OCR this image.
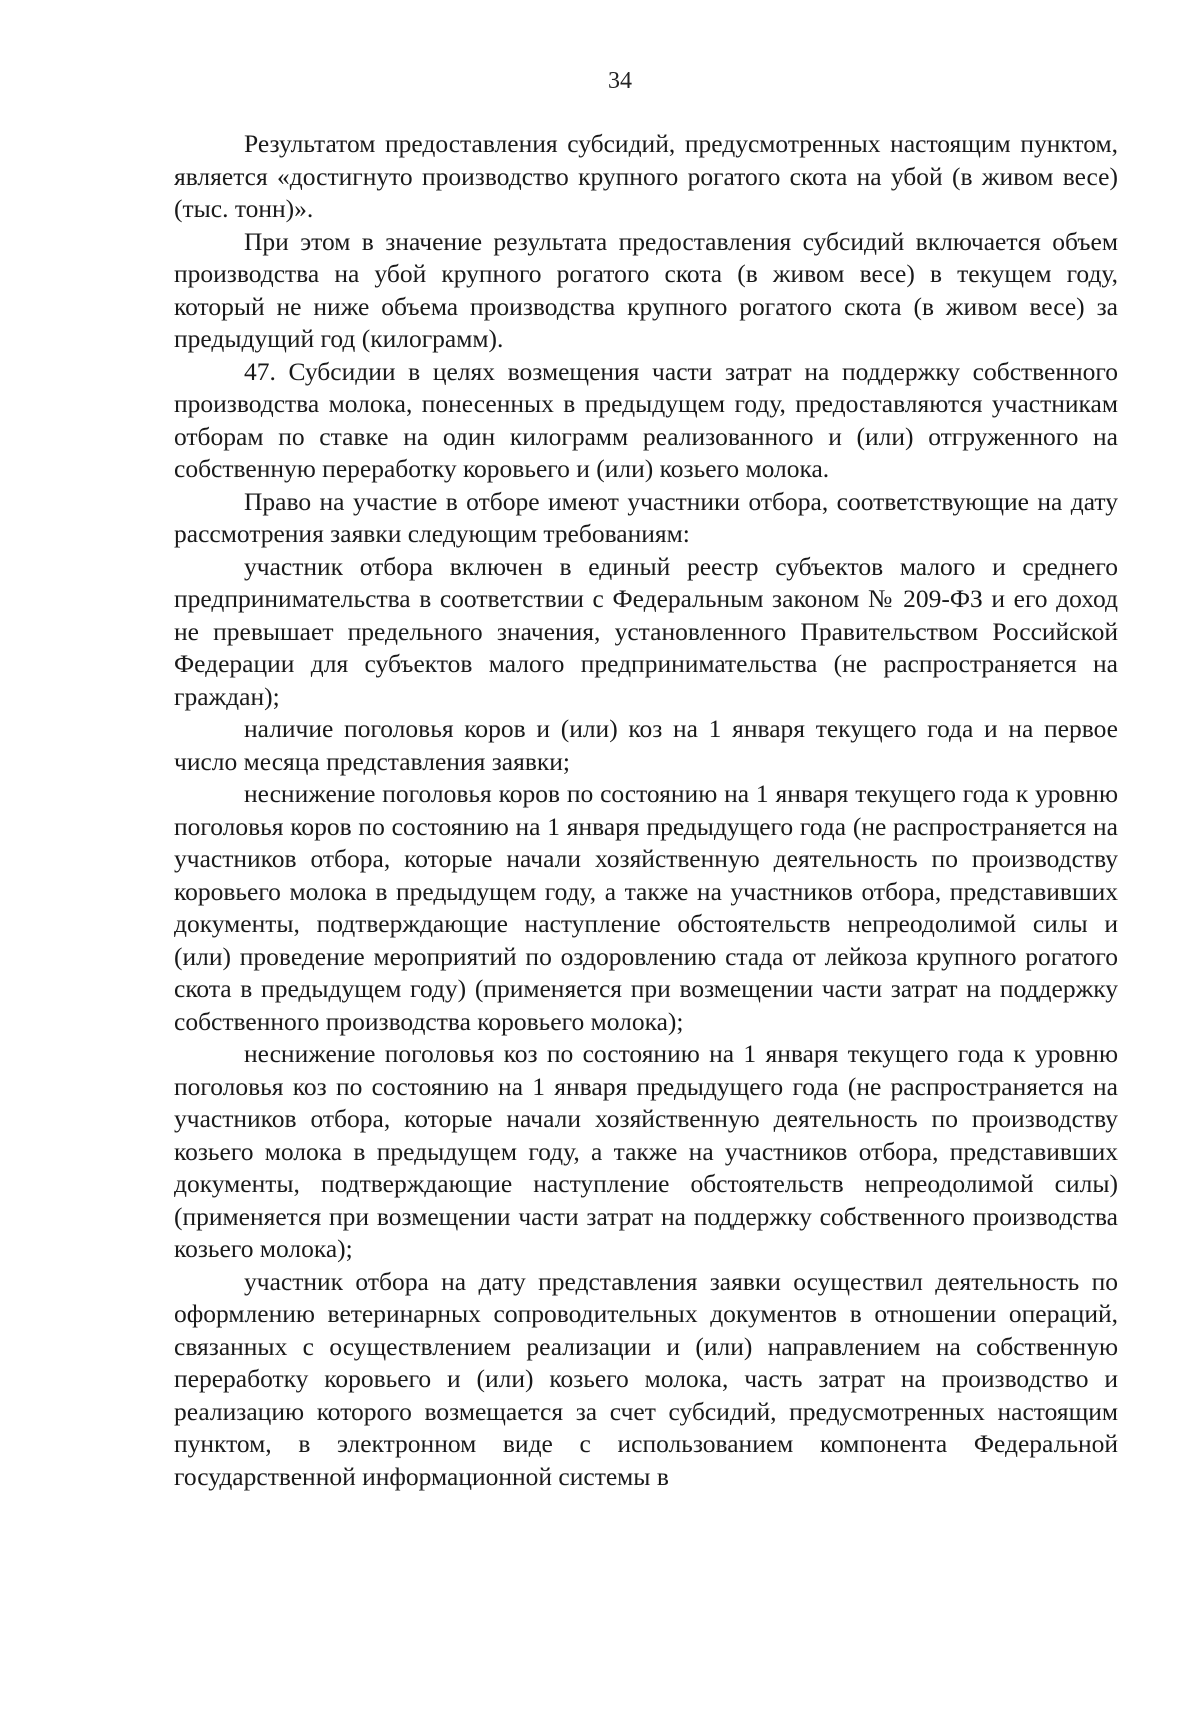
34

Результатом предоставления субсидий, предусмотренных настоящим пунктом, является «достигнуто производство крупного рогатого скота на убой (в живом весе) (тыс. тонн)».

При этом в значение результата предоставления субсидий включается объем производства на убой крупного рогатого скота (в живом весе) в текущем году, который не ниже объема производства крупного рогатого скота (в живом весе) за предыдущий год (килограмм).

47. Субсидии в целях возмещения части затрат на поддержку собственного производства молока, понесенных в предыдущем году, предоставляются участникам отборам по ставке на один килограмм реализованного и (или) отгруженного на собственную переработку коровьего и (или) козьего молока.

Право на участие в отборе имеют участники отбора, соответствующие на дату рассмотрения заявки следующим требованиям:

участник отбора включен в единый реестр субъектов малого и среднего предпринимательства в соответствии с Федеральным законом № 209-ФЗ и его доход не превышает предельного значения, установленного Правительством Российской Федерации для субъектов малого предпринимательства (не распространяется на граждан);

наличие поголовья коров и (или) коз на 1 января текущего года и на первое число месяца представления заявки;

неснижение поголовья коров по состоянию на 1 января текущего года к уровню поголовья коров по состоянию на 1 января предыдущего года (не распространяется на участников отбора, которые начали хозяйственную деятельность по производству коровьего молока в предыдущем году, а также на участников отбора, представивших документы, подтверждающие наступление обстоятельств непреодолимой силы и (или) проведение мероприятий по оздоровлению стада от лейкоза крупного рогатого скота в предыдущем году) (применяется при возмещении части затрат на поддержку собственного производства коровьего молока);

неснижение поголовья коз по состоянию на 1 января текущего года к уровню поголовья коз по состоянию на 1 января предыдущего года (не распространяется на участников отбора, которые начали хозяйственную деятельность по производству козьего молока в предыдущем году, а также на участников отбора, представивших документы, подтверждающие наступление обстоятельств непреодолимой силы) (применяется при возмещении части затрат на поддержку собственного производства козьего молока);

участник отбора на дату представления заявки осуществил деятельность по оформлению ветеринарных сопроводительных документов в отношении операций, связанных с осуществлением реализации и (или) направлением на собственную переработку коровьего и (или) козьего молока, часть затрат на производство и реализацию которого возмещается за счет субсидий, предусмотренных настоящим пунктом, в электронном виде с использованием компонента Федеральной государственной информационной системы в
